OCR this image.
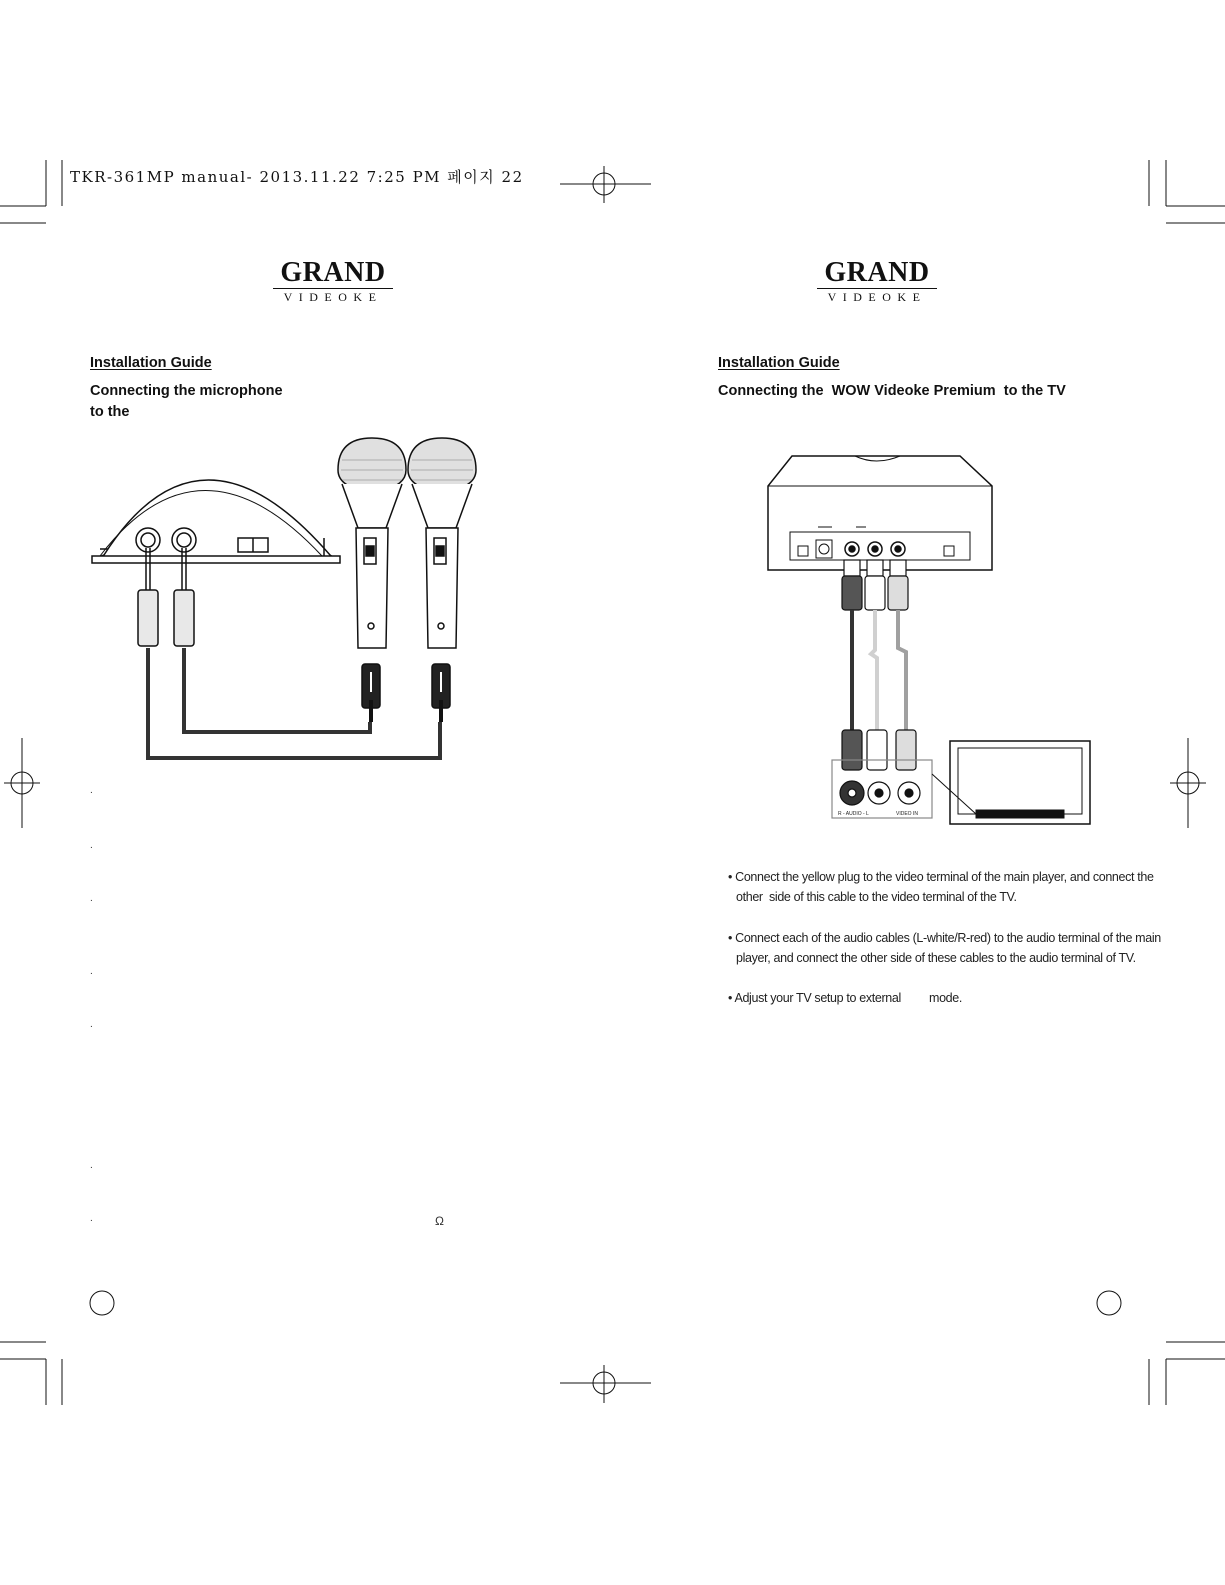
TKR-361MP manual- 2013.11.22 7:25 PM 페이지 22
GRAND
VIDEOKE
Installation Guide
Connecting the microphone
to the
.
.
.
.
.
.
.	Ω
GRAND
VIDEOKE
Installation Guide
Connecting the  WOW Videoke Premium  to the TV
R - AUDIO - L	VIDEO IN
• Connect the yellow plug to the video terminal of the main player, and connect the
other  side of this cable to the video terminal of the TV.
• Connect each of the audio cables (L-white/R-red) to the audio terminal of the main
player, and connect the other side of these cables to the audio terminal of TV.
• Adjust your TV setup to external         mode.
